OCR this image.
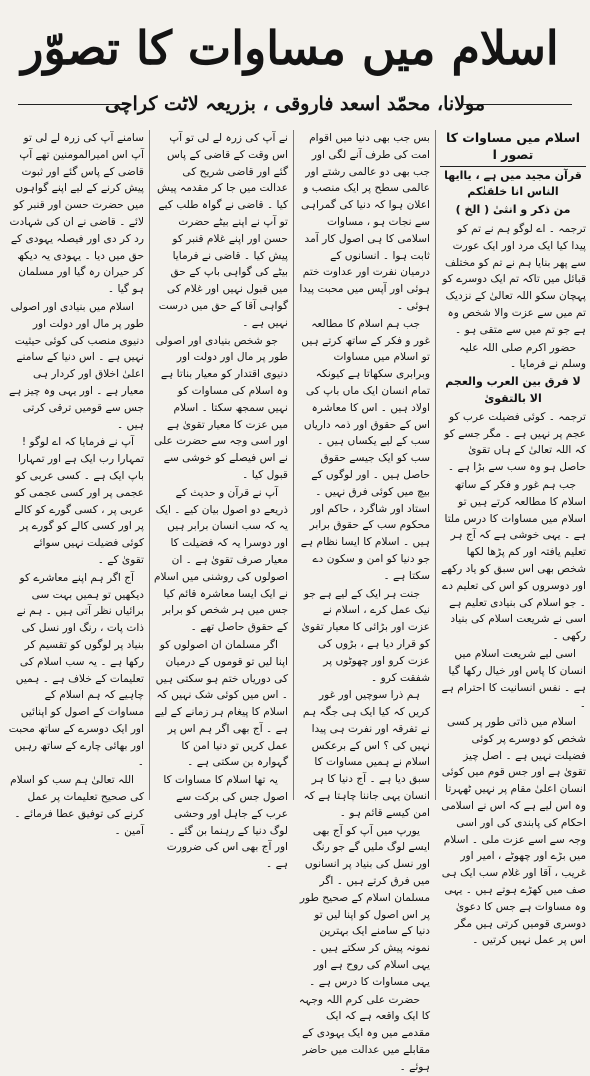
اسلام میں مساوات کا تصوّر
مولانا، محمّد اسعد فاروقی ، بزریعہ لاٹت کراچی

اسلام میں مساوات کا تصور ا

قرآن مجید میں ہے ، یاایھا الناس انا خلقنٰکم

من ذکر و انثیٰ ( الخ )

ترجمہ ۔ اے لوگو ہم نے تم کو پیدا کیا ایک مرد اور ایک عورت سے پھر بنایا ہم نے تم کو مختلف قبائل میں تاکہ تم ایک دوسرے کو پہچان سکو اللہ تعالیٰ کے نزدیک تم میں سے عزت والا شخص وہ ہے جو تم میں سے متقی ہو ۔

حضور اکرم صلی اللہ علیہ وسلم نے فرمایا ۔

لا فرق بین العرب والعجم الا بالتقویٰ

ترجمہ ۔ کوئی فضیلت عرب کو عجم پر نہیں ہے ۔ مگر جسے کو کہ اللہ تعالیٰ کے ہاں تقویٰ حاصل ہو وہ سب سے بڑا ہے ۔

جب ہم غور و فکر کے ساتھ اسلام کا مطالعہ کرتے ہیں تو اسلام میں مساوات کا درس ملتا ہے ۔ یہی خوشی ہے کہ آج ہر تعلیم یافتہ اور کم پڑھا لکھا شخص بھی اس سبق کو یاد رکھے اور دوسروں کو اس کی تعلیم دے ۔ جو اسلام کی بنیادی تعلیم ہے اسی نے شریعت اسلام کی بنیاد رکھی ۔

اسی لیے شریعت اسلام میں انسان کا پاس اور خیال رکھا گیا ہے ۔ نفس انسانیت کا احترام ہے ۔

اسلام میں ذاتی طور پر کسی شخص کو دوسرے پر کوئی فضیلت نہیں ہے ۔ اصل چیز تقویٰ ہے اور جس قوم میں کوئی انسان اعلیٰ مقام پر نہیں ٹھہرتا وہ اس لیے ہے کہ اس نے اسلامی احکام کی پابندی کی اور اسی وجہ سے اسے عزت ملی ۔ اسلام میں بڑے اور چھوٹے ، امیر اور غریب ، آقا اور غلام سب ایک ہی صف میں کھڑے ہوتے ہیں ۔ یہی وہ مساوات ہے جس کا دعویٰ دوسری قومیں کرتی ہیں مگر اس پر عمل نہیں کرتیں ۔

بس جب بھی دنیا میں اقوام امت کی طرف آنے لگی اور جب بھی دو عالمی رشتے اور عالمی سطح پر ایک منصب و اعلان ہوا کہ دنیا کی گمراہی سے نجات ہو ، مساوات اسلامی کا ہی اصول کار آمد ثابت ہوا ۔ انسانوں کے درمیان نفرت اور عداوت ختم ہوئی اور آپس میں محبت پیدا ہوئی ۔

جب ہم اسلام کا مطالعہ غور و فکر کے ساتھ کرتے ہیں تو اسلام میں مساوات وبرابری سکھاتا ہے کیونکہ تمام انسان ایک ماں باپ کی اولاد ہیں ۔ اس کا معاشرہ اس کے حقوق اور ذمہ داریاں سب کے لیے یکساں ہیں ۔ سب کو ایک جیسے حقوق حاصل ہیں ۔ اور لوگوں کے بیچ میں کوئی فرق نہیں ۔ استاد اور شاگرد ، حاکم اور محکوم سب کے حقوق برابر ہیں ۔ اسلام کا ایسا نظام ہے جو دنیا کو امن و سکون دے سکتا ہے ۔

جنت ہر ایک کے لیے ہے جو نیک عمل کرے ، اسلام نے عزت اور بڑائی کا معیار تقویٰ کو قرار دیا ہے ، بڑوں کی عزت کرو اور چھوٹوں پر شفقت کرو ۔

ہم ذرا سوچیں اور غور کریں کہ کیا ایک ہی جگہ ہم نے تفرقہ اور نفرت ہی پیدا نہیں کی ؟ اس کے برعکس اسلام نے ہمیں مساوات کا سبق دیا ہے ۔ آج دنیا کا ہر انسان یہی جاننا چاہتا ہے کہ امن کیسے قائم ہو ۔

یورپ میں آپ کو آج بھی ایسے لوگ ملیں گے جو رنگ اور نسل کی بنیاد پر انسانوں میں فرق کرتے ہیں ۔ اگر مسلمان اسلام کے صحیح طور پر اس اصول کو اپنا لیں تو دنیا کے سامنے ایک بہترین نمونہ پیش کر سکتے ہیں ۔ یہی اسلام کی روح ہے اور یہی مساوات کا درس ہے ۔

حضرت علی کرم اللہ وجہہ کا ایک واقعہ ہے کہ ایک مقدمے میں وہ ایک یہودی کے مقابلے میں عدالت میں حاضر ہوئے ۔

نے آپ کی زرہ لے لی تو آپ اس وقت کے قاضی کے پاس گئے اور قاضی شریح کی عدالت میں جا کر مقدمہ پیش کیا ۔ قاضی نے گواہ طلب کیے تو آپ نے اپنے بیٹے حضرت حسن اور اپنے غلام قنبر کو پیش کیا ۔ قاضی نے فرمایا بیٹے کی گواہی باپ کے حق میں قبول نہیں اور غلام کی گواہی آقا کے حق میں درست نہیں ہے ۔

جو شخص بنیادی اور اصولی طور پر مال اور دولت اور دنیوی اقتدار کو معیار بناتا ہے وہ اسلام کی مساوات کو نہیں سمجھ سکتا ۔ اسلام میں عزت کا معیار تقویٰ ہے اور اسی وجہ سے حضرت علی نے اس فیصلے کو خوشی سے قبول کیا ۔

آپ نے قرآن و حدیث کے ذریعے دو اصول بیان کیے ۔ ایک یہ کہ سب انسان برابر ہیں اور دوسرا یہ کہ فضیلت کا معیار صرف تقویٰ ہے ۔ ان اصولوں کی روشنی میں اسلام نے ایک ایسا معاشرہ قائم کیا جس میں ہر شخص کو برابر کے حقوق حاصل تھے ۔

اگر مسلمان ان اصولوں کو اپنا لیں تو قوموں کے درمیان کی دوریاں ختم ہو سکتی ہیں ۔ اس میں کوئی شک نہیں کہ اسلام کا پیغام ہر زمانے کے لیے ہے ۔ آج بھی اگر ہم اس پر عمل کریں تو دنیا امن کا گہوارہ بن سکتی ہے ۔

یہ تھا اسلام کا مساوات کا اصول جس کی برکت سے عرب کے جاہل اور وحشی لوگ دنیا کے رہنما بن گئے ۔ اور آج بھی اس کی ضرورت ہے ۔

سامنے آپ کی زرہ لے لی تو آپ اس امیرالمومنین تھے آپ قاضی کے پاس گئے اور ثبوت پیش کرنے کے لیے اپنے گواہوں میں حضرت حسن اور قنبر کو لائے ۔ قاضی نے ان کی شہادت رد کر دی اور فیصلہ یہودی کے حق میں دیا ۔ یہودی یہ دیکھ کر حیران رہ گیا اور مسلمان ہو گیا ۔

اسلام میں بنیادی اور اصولی طور پر مال اور دولت اور دنیوی منصب کی کوئی حیثیت نہیں ہے ۔ اس دنیا کے سامنے اعلیٰ اخلاق اور کردار ہی معیار ہے ۔ اور یہی وہ چیز ہے جس سے قومیں ترقی کرتی ہیں ۔

آپ نے فرمایا کہ اے لوگو ! تمہارا رب ایک ہے اور تمہارا باپ ایک ہے ۔ کسی عربی کو عجمی پر اور کسی عجمی کو عربی پر ، کسی گورے کو کالے پر اور کسی کالے کو گورے پر کوئی فضیلت نہیں سوائے تقویٰ کے ۔

آج اگر ہم اپنے معاشرے کو دیکھیں تو ہمیں بہت سی برائیاں نظر آتی ہیں ۔ ہم نے ذات پات ، رنگ اور نسل کی بنیاد پر لوگوں کو تقسیم کر رکھا ہے ۔ یہ سب اسلام کی تعلیمات کے خلاف ہے ۔ ہمیں چاہیے کہ ہم اسلام کے مساوات کے اصول کو اپنائیں اور ایک دوسرے کے ساتھ محبت اور بھائی چارے کے ساتھ رہیں ۔

اللہ تعالیٰ ہم سب کو اسلام کی صحیح تعلیمات پر عمل کرنے کی توفیق عطا فرمائے ۔ آمین ۔
